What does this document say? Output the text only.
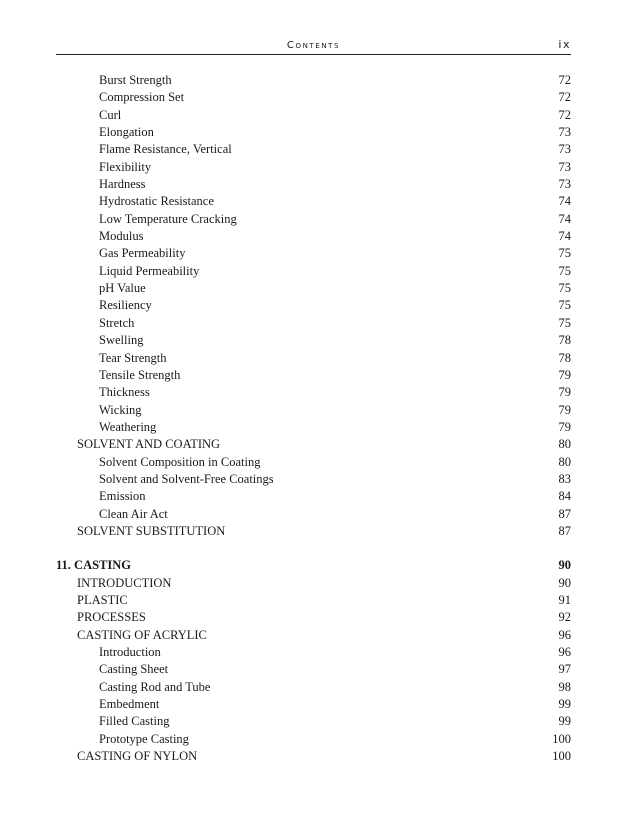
Contents	ix
Burst Strength	72
Compression Set	72
Curl	72
Elongation	73
Flame Resistance, Vertical	73
Flexibility	73
Hardness	73
Hydrostatic Resistance	74
Low Temperature Cracking	74
Modulus	74
Gas Permeability	75
Liquid Permeability	75
pH Value	75
Resiliency	75
Stretch	75
Swelling	78
Tear Strength	78
Tensile Strength	79
Thickness	79
Wicking	79
Weathering	79
SOLVENT AND COATING	80
Solvent Composition in Coating	80
Solvent and Solvent-Free Coatings	83
Emission	84
Clean Air Act	87
SOLVENT SUBSTITUTION	87
11. CASTING	90
INTRODUCTION	90
PLASTIC	91
PROCESSES	92
CASTING OF ACRYLIC	96
Introduction	96
Casting Sheet	97
Casting Rod and Tube	98
Embedment	99
Filled Casting	99
Prototype Casting	100
CASTING OF NYLON	100
